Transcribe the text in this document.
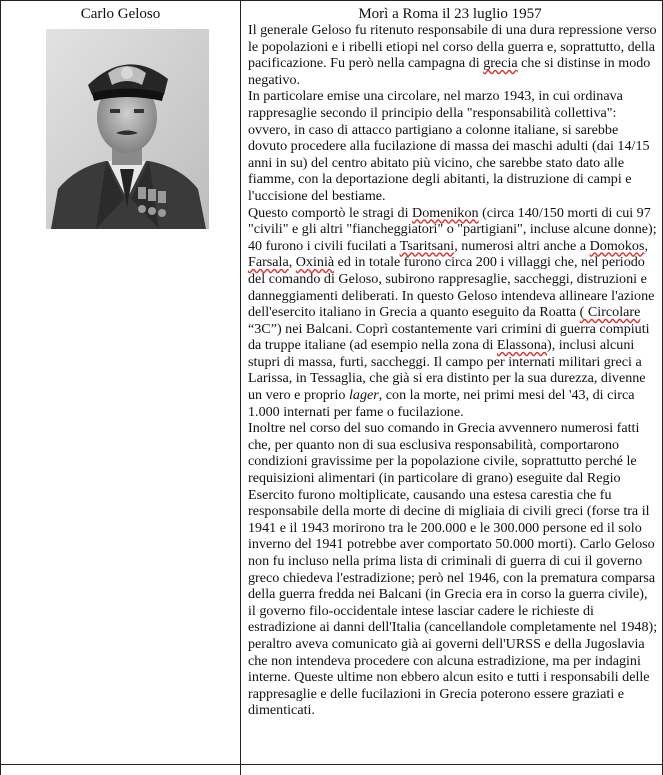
Carlo Geloso	Morì a Roma il 23 luglio 1957

Il generale Geloso fu ritenuto responsabile di una dura repressione verso le popolazioni e i ribelli etiopi nel corso della guerra e, soprattutto, della pacificazione. Fu però nella campagna di grecia che si distinse in modo negativo.

In particolare emise una circolare, nel marzo 1943, in cui ordinava rappresaglie secondo il principio della "responsabilità collettiva": ovvero, in caso di attacco partigiano a colonne italiane, si sarebbe dovuto procedere alla fucilazione di massa dei maschi adulti (dai 14/15 anni in su) del centro abitato più vicino, che sarebbe stato dato alle fiamme, con la deportazione degli abitanti, la distruzione di campi e l'uccisione del bestiame.

Questo comportò le stragi di Domenikon (circa 140/150 morti di cui 97 "civili" e gli altri "fiancheggiatori" o "partigiani", incluse alcune donne); 40 furono i civili fucilati a Tsaritsani, numerosi altri anche a Domokos, Farsala, Oxinià ed in totale furono circa 200 i villaggi che, nel periodo del comando di Geloso, subirono rappresaglie, saccheggi, distruzioni e danneggiamenti deliberati. In questo Geloso intendeva allineare l'azione dell'esercito italiano in Grecia a quanto eseguito da Roatta ( Circolare “3C”) nei Balcani. Coprì costantemente vari crimini di guerra compiuti da truppe italiane (ad esempio nella zona di Elassona), inclusi alcuni stupri di massa, furti, saccheggi. Il campo per internati militari greci a Larissa, in Tessaglia, che già si era distinto per la sua durezza, divenne un vero e proprio lager, con la morte, nei primi mesi del '43, di circa 1.000 internati per fame o fucilazione.

Inoltre nel corso del suo comando in Grecia avvennero numerosi fatti che, per quanto non di sua esclusiva responsabilità, comportarono condizioni gravissime per la popolazione civile, soprattutto perché le requisizioni alimentari (in particolare di grano) eseguite dal Regio Esercito furono moltiplicate, causando una estesa carestia che fu responsabile della morte di decine di migliaia di civili greci (forse tra il 1941 e il 1943 morirono tra le 200.000 e le 300.000 persone ed il solo inverno del 1941 potrebbe aver comportato 50.000 morti). Carlo Geloso non fu incluso nella prima lista di criminali di guerra di cui il governo greco chiedeva l'estradizione; però nel 1946, con la prematura comparsa della guerra fredda nei Balcani (in Grecia era in corso la guerra civile), il governo filo-occidentale intese lasciar cadere le richieste di estradizione ai danni dell'Italia (cancellandole completamente nel 1948); peraltro aveva comunicato già ai governi dell'URSS e della Jugoslavia che non intendeva procedere con alcuna estradizione, ma per indagini interne. Queste ultime non ebbero alcun esito e tutti i responsabili delle rappresaglie e delle fucilazioni in Grecia poterono essere graziati e dimenticati.
